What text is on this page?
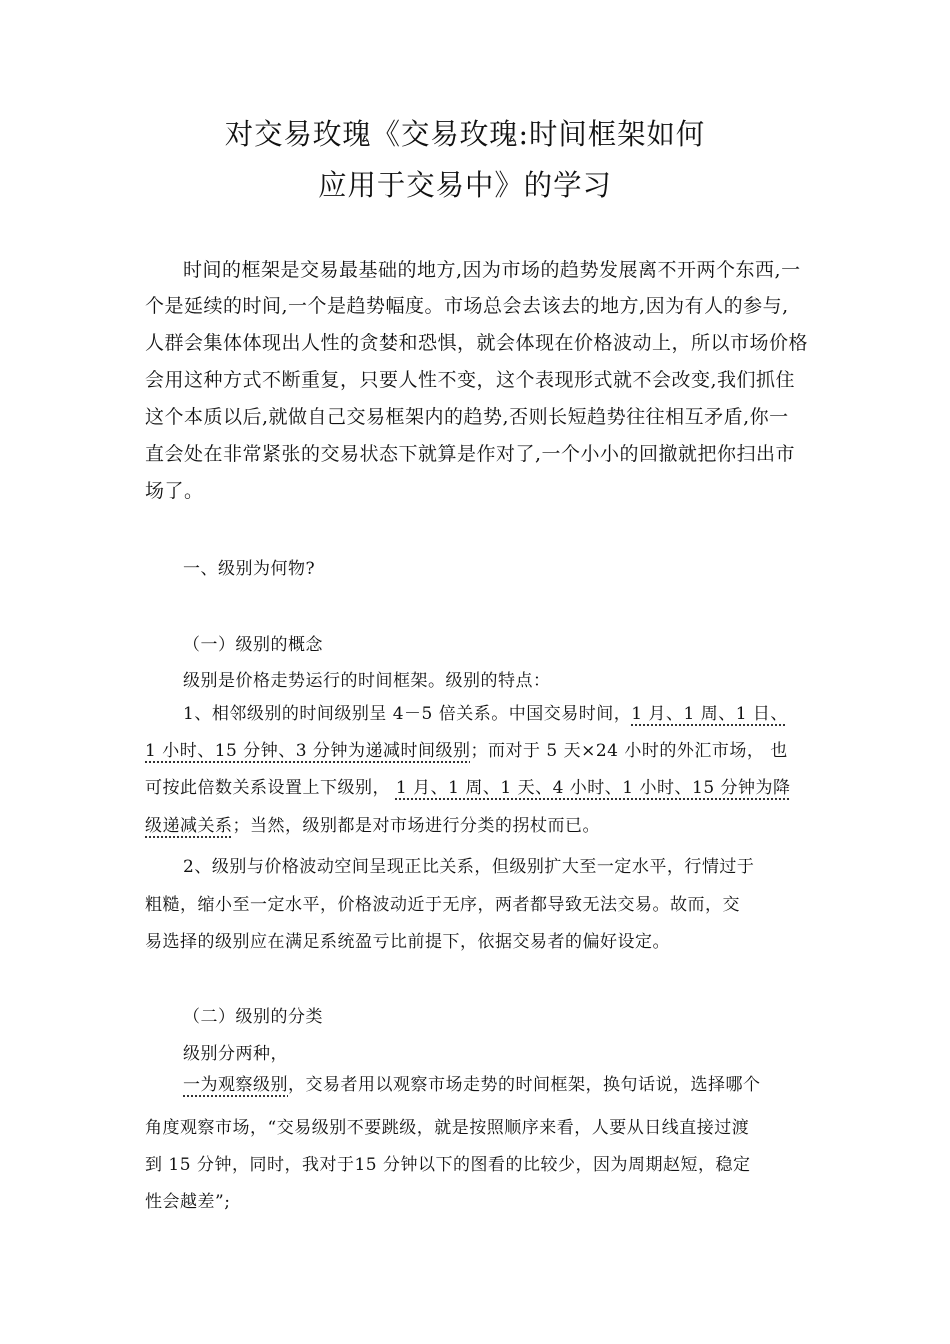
对交易玫瑰《交易玫瑰:时间框架如何
应用于交易中》的学习
时间的框架是交易最基础的地方,因为市场的趋势发展离不开两个东西,一
个是延续的时间,一个是趋势幅度。市场总会去该去的地方,因为有人的参与,
人群会集体体现出人性的贪婪和恐惧，就会体现在价格波动上，所以市场价格
会用这种方式不断重复，只要人性不变，这个表现形式就不会改变,我们抓住
这个本质以后,就做自己交易框架内的趋势,否则长短趋势往往相互矛盾,你一
直会处在非常紧张的交易状态下就算是作对了,一个小小的回撤就把你扫出市
场了。
一、级别为何物?
（一）级别的概念
级别是价格走势运行的时间框架。级别的特点：
1、相邻级别的时间级别呈 4－5 倍关系。中国交易时间，1 月、1 周、1 日、
1 小时、15 分钟、3 分钟为递减时间级别；而对于 5 天×24 小时的外汇市场， 也
可按此倍数关系设置上下级别， 1 月、1 周、1 天、4 小时、1 小时、15 分钟为降
级递减关系；当然，级别都是对市场进行分类的拐杖而已。
2、级别与价格波动空间呈现正比关系，但级别扩大至一定水平，行情过于
粗糙，缩小至一定水平，价格波动近于无序，两者都导致无法交易。故而，交
易选择的级别应在满足系统盈亏比前提下，依据交易者的偏好设定。
（二）级别的分类
级别分两种，
一为观察级别，交易者用以观察市场走势的时间框架，换句话说，选择哪个
角度观察市场，“交易级别不要跳级，就是按照顺序来看，人要从日线直接过渡
到 15 分钟，同时，我对于15 分钟以下的图看的比较少，因为周期赵短，稳定
性会越差”;
